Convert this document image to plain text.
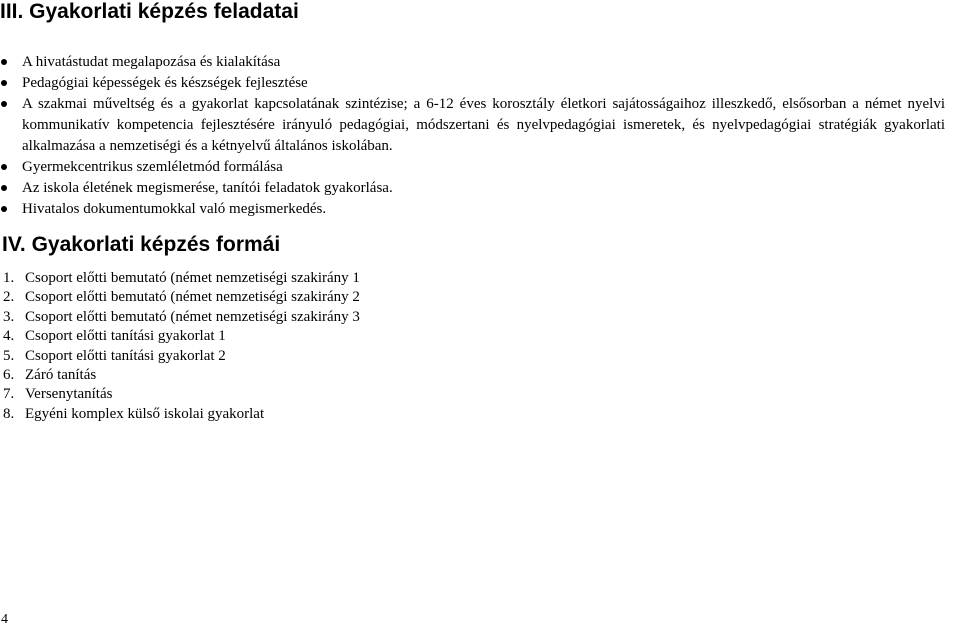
III. Gyakorlati képzés feladatai
A hivatástudat megalapozása és kialakítása
Pedagógiai képességek és készségek fejlesztése
A szakmai műveltség és a gyakorlat kapcsolatának szintézise; a 6-12 éves korosztály életkori sajátosságaihoz illeszkedő, elsősorban a német nyelvi kommunikatív kompetencia fejlesztésére irányuló pedagógiai, módszertani és nyelvpedagógiai ismeretek, és nyelvpedagógiai stratégiák gyakorlati alkalmazása a nemzetiségi és a kétnyelvű általános iskolában.
Gyermekcentrikus szemléletmód formálása
Az iskola életének megismerése, tanítói feladatok gyakorlása.
Hivatalos dokumentumokkal való megismerkedés.
IV. Gyakorlati képzés formái
1. Csoport előtti bemutató (német nemzetiségi szakirány 1
2. Csoport előtti bemutató (német nemzetiségi szakirány 2
3. Csoport előtti bemutató (német nemzetiségi szakirány 3
4. Csoport előtti tanítási gyakorlat 1
5. Csoport előtti tanítási gyakorlat 2
6. Záró tanítás
7. Versenytanítás
8. Egyéni komplex külső iskolai gyakorlat
4
